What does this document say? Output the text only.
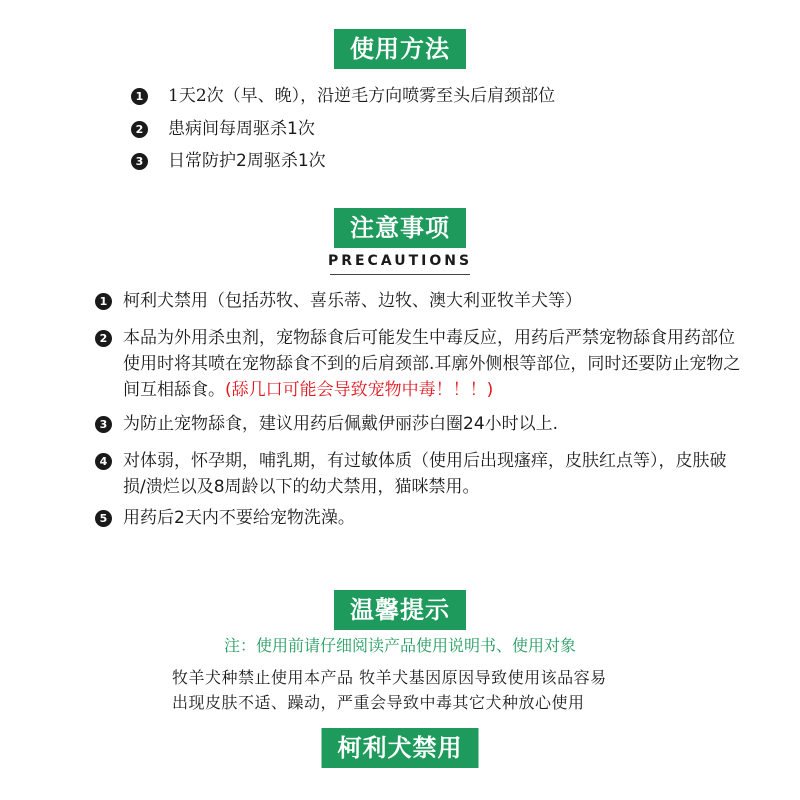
使用方法
1 1天2次（早、晚），沿逆毛方向喷雾至头后肩颈部位
2 患病间每周驱杀1次
3 日常防护2周驱杀1次
注意事项
PRECAUTIONS
1 柯利犬禁用（包括苏牧、喜乐蒂、边牧、澳大利亚牧羊犬等）
2 本品为外用杀虫剂，宠物舔食后可能发生中毒反应，用药后严禁宠物舔食用药部位
使用时将其喷在宠物舔食不到的后肩颈部.耳廓外侧根等部位，同时还要防止宠物之
间互相舔食。(舔几口可能会导致宠物中毒！！！)
3 为防止宠物舔食，建议用药后佩戴伊丽莎白圈24小时以上.
4 对体弱，怀孕期，哺乳期，有过敏体质（使用后出现瘙痒，皮肤红点等），皮肤破
损/溃烂以及8周龄以下的幼犬禁用，猫咪禁用。
5 用药后2天内不要给宠物洗澡。
温馨提示
注：使用前请仔细阅读产品使用说明书、使用对象
牧羊犬种禁止使用本产品 牧羊犬基因原因导致使用该品容易
出现皮肤不适、躁动，严重会导致中毒其它犬种放心使用
柯利犬禁用
